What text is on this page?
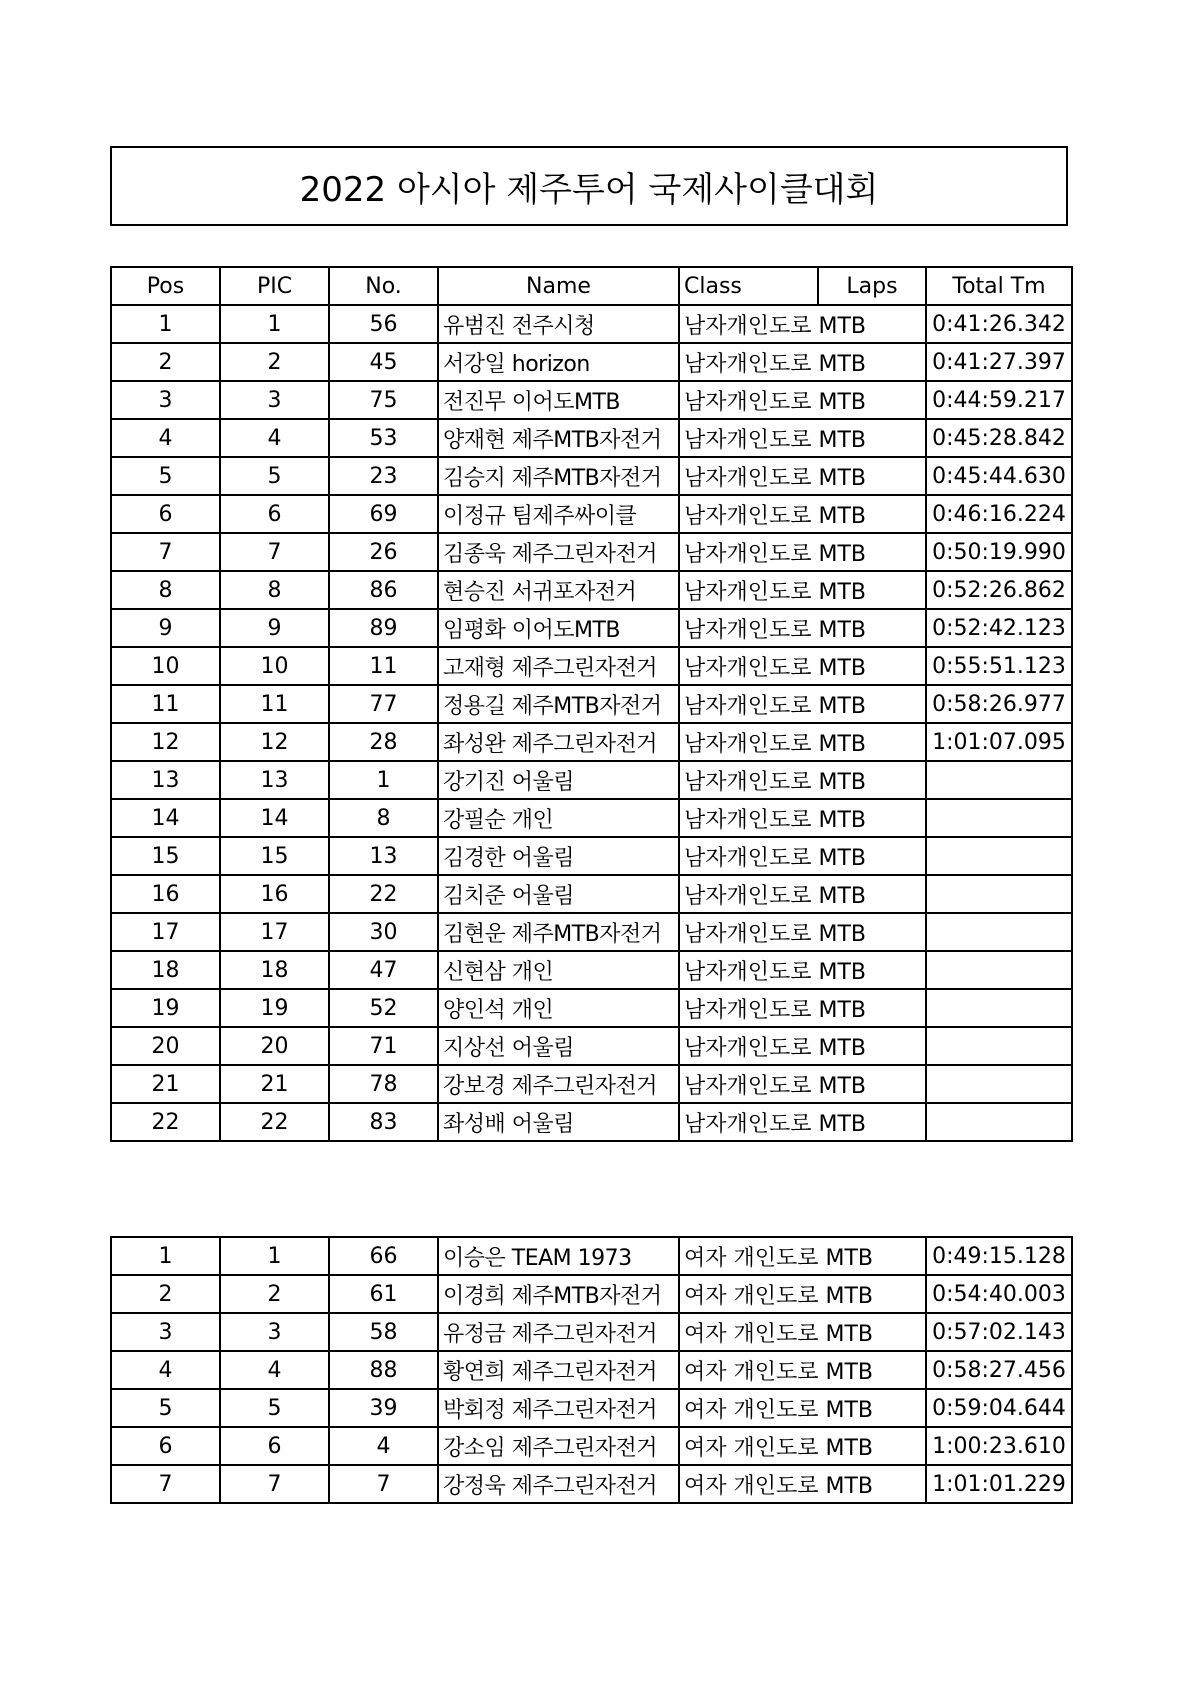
2022 아시아 제주투어 국제사이클대회
Pos	PIC	No.	Name	Class	Laps	Total Tm
1	1	56	유범진 전주시청	남자개인도로 MTB		0:41:26.342
2	2	45	서강일 horizon	남자개인도로 MTB		0:41:27.397
3	3	75	전진무 이어도MTB	남자개인도로 MTB		0:44:59.217
4	4	53	양재현 제주MTB자전거	남자개인도로 MTB		0:45:28.842
5	5	23	김승지 제주MTB자전거	남자개인도로 MTB		0:45:44.630
6	6	69	이정규 팀제주싸이클	남자개인도로 MTB		0:46:16.224
7	7	26	김종욱 제주그린자전거	남자개인도로 MTB		0:50:19.990
8	8	86	현승진 서귀포자전거	남자개인도로 MTB		0:52:26.862
9	9	89	임평화 이어도MTB	남자개인도로 MTB		0:52:42.123
10	10	11	고재형 제주그린자전거	남자개인도로 MTB		0:55:51.123
11	11	77	정용길 제주MTB자전거	남자개인도로 MTB		0:58:26.977
12	12	28	좌성완 제주그린자전거	남자개인도로 MTB		1:01:07.095
13	13	1	강기진 어울림	남자개인도로 MTB		
14	14	8	강필순 개인	남자개인도로 MTB		
15	15	13	김경한 어울림	남자개인도로 MTB		
16	16	22	김치준 어울림	남자개인도로 MTB		
17	17	30	김현운 제주MTB자전거	남자개인도로 MTB		
18	18	47	신현삼 개인	남자개인도로 MTB		
19	19	52	양인석 개인	남자개인도로 MTB		
20	20	71	지상선 어울림	남자개인도로 MTB		
21	21	78	강보경 제주그린자전거	남자개인도로 MTB		
22	22	83	좌성배 어울림	남자개인도로 MTB		
1	1	66	이승은 TEAM 1973	여자 개인도로 MTB	0:49:15.128
2	2	61	이경희 제주MTB자전거	여자 개인도로 MTB	0:54:40.003
3	3	58	유정금 제주그린자전거	여자 개인도로 MTB	0:57:02.143
4	4	88	황연희 제주그린자전거	여자 개인도로 MTB	0:58:27.456
5	5	39	박회정 제주그린자전거	여자 개인도로 MTB	0:59:04.644
6	6	4	강소임 제주그린자전거	여자 개인도로 MTB	1:00:23.610
7	7	7	강정욱 제주그린자전거	여자 개인도로 MTB	1:01:01.229
